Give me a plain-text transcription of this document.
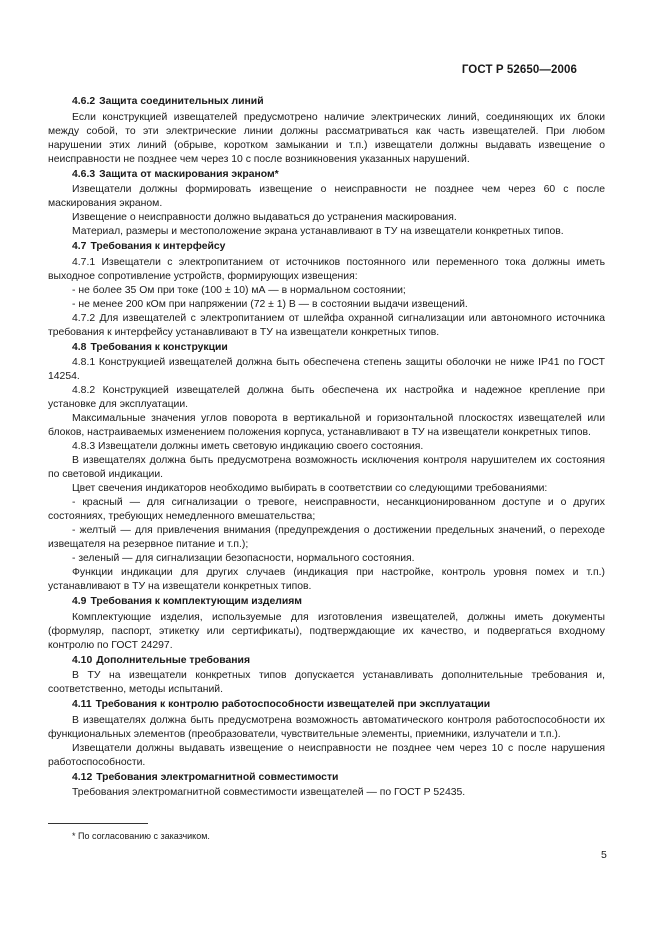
ГОСТ Р 52650—2006
4.6.2 Защита соединительных линий

Если конструкцией извещателей предусмотрено наличие электрических линий, соединяющих их блоки между собой, то эти электрические линии должны рассматриваться как часть извещателей. При любом нарушении этих линий (обрыве, коротком замыкании и т.п.) извещатели должны выдавать извещение о неисправности не позднее чем через 10 с после возникновения указанных нарушений.

4.6.3 Защита от маскирования экраном*

Извещатели должны формировать извещение о неисправности не позднее чем через 60 с после маскирования экраном.

Извещение о неисправности должно выдаваться до устранения маскирования.

Материал, размеры и местоположение экрана устанавливают в ТУ на извещатели конкретных типов.

4.7 Требования к интерфейсу

4.7.1 Извещатели с электропитанием от источников постоянного или переменного тока должны иметь выходное сопротивление устройств, формирующих извещения:

- не более 35 Ом при токе (100 ± 10) мА — в нормальном состоянии;

- не менее 200 кОм при напряжении (72 ± 1) В — в состоянии выдачи извещений.

4.7.2 Для извещателей с электропитанием от шлейфа охранной сигнализации или автономного источника требования к интерфейсу устанавливают в ТУ на извещатели конкретных типов.

4.8 Требования к конструкции

4.8.1 Конструкцией извещателей должна быть обеспечена степень защиты оболочки не ниже IP41 по ГОСТ 14254.

4.8.2 Конструкцией извещателей должна быть обеспечена их настройка и надежное крепление при установке для эксплуатации.

Максимальные значения углов поворота в вертикальной и горизонтальной плоскостях извещателей или блоков, настраиваемых изменением положения корпуса, устанавливают в ТУ на извещатели конкретных типов.

4.8.3 Извещатели должны иметь световую индикацию своего состояния.

В извещателях должна быть предусмотрена возможность исключения контроля нарушителем их состояния по световой индикации.

Цвет свечения индикаторов необходимо выбирать в соответствии со следующими требованиями:

- красный — для сигнализации о тревоге, неисправности, несанкционированном доступе и о других состояниях, требующих немедленного вмешательства;

- желтый — для привлечения внимания (предупреждения о достижении предельных значений, о переходе извещателя на резервное питание и т.п.);

- зеленый — для сигнализации безопасности, нормального состояния.

Функции индикации для других случаев (индикация при настройке, контроль уровня помех и т.п.) устанавливают в ТУ на извещатели конкретных типов.

4.9 Требования к комплектующим изделиям

Комплектующие изделия, используемые для изготовления извещателей, должны иметь документы (формуляр, паспорт, этикетку или сертификаты), подтверждающие их качество, и подвергаться входному контролю по ГОСТ 24297.

4.10 Дополнительные требования

В ТУ на извещатели конкретных типов допускается устанавливать дополнительные требования и, соответственно, методы испытаний.

4.11 Требования к контролю работоспособности извещателей при эксплуатации

В извещателях должна быть предусмотрена возможность автоматического контроля работоспособности их функциональных элементов (преобразователи, чувствительные элементы, приемники, излучатели и т.п.).

Извещатели должны выдавать извещение о неисправности не позднее чем через 10 с после нарушения работоспособности.

4.12 Требования электромагнитной совместимости

Требования электромагнитной совместимости извещателей — по ГОСТ Р 52435.

* По согласованию с заказчиком.
5
